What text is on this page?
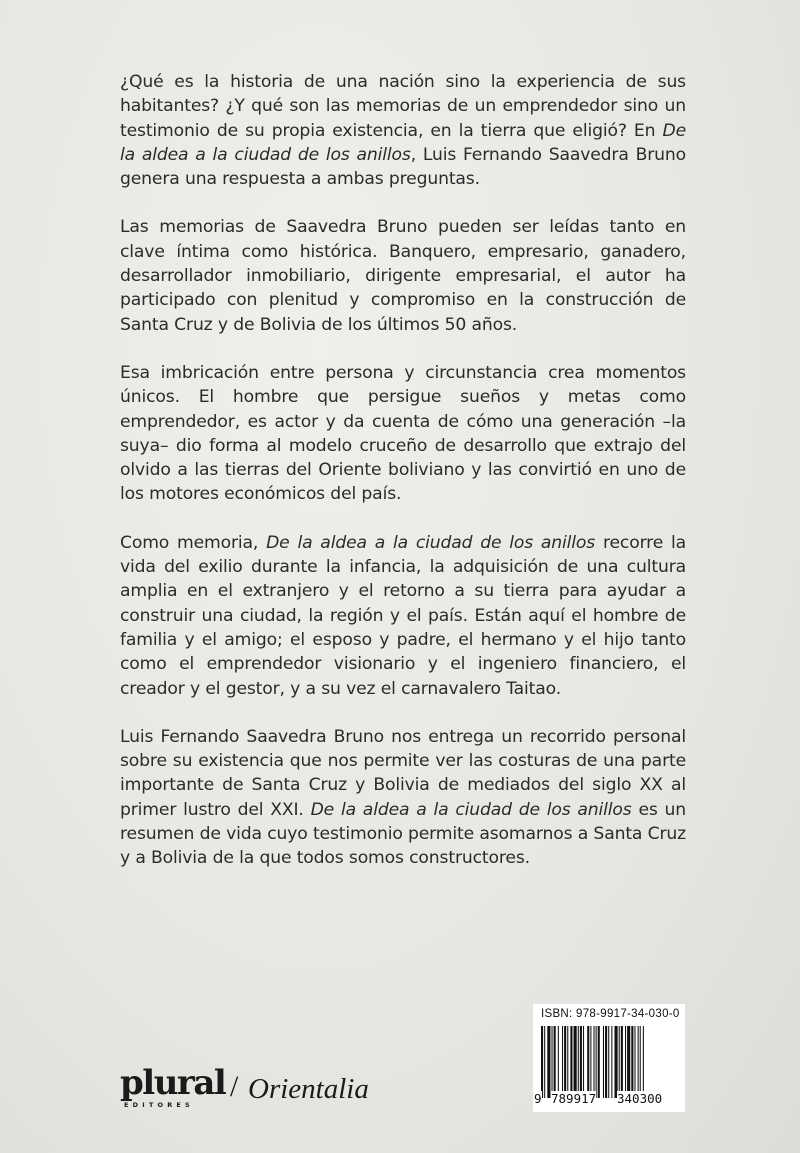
¿Qué es la historia de una nación sino la experiencia de sus habitantes? ¿Y qué son las memorias de un emprendedor sino un testimonio de su propia existencia, en la tierra que eligió? En De la aldea a la ciudad de los anillos, Luis Fernando Saavedra Bruno genera una respuesta a ambas preguntas.

Las memorias de Saavedra Bruno pueden ser leídas tanto en clave íntima como histórica. Banquero, empresario, ganadero, desarrollador inmobiliario, dirigente empresarial, el autor ha participado con plenitud y compromiso en la construcción de Santa Cruz y de Bolivia de los últimos 50 años.

Esa imbricación entre persona y circunstancia crea momentos únicos. El hombre que persigue sueños y metas como emprendedor, es actor y da cuenta de cómo una generación –la suya– dio forma al modelo cruceño de desarrollo que extrajo del olvido a las tierras del Oriente boliviano y las convirtió en uno de los motores económicos del país.

Como memoria, De la aldea a la ciudad de los anillos recorre la vida del exilio durante la infancia, la adquisición de una cultura amplia en el extranjero y el retorno a su tierra para ayudar a construir una ciudad, la región y el país. Están aquí el hombre de familia y el amigo; el esposo y padre, el hermano y el hijo tanto como el emprendedor visionario y el ingeniero financiero, el creador y el gestor, y a su vez el carnavalero Taitao.

Luis Fernando Saavedra Bruno nos entrega un recorrido personal sobre su existencia que nos permite ver las costuras de una parte importante de Santa Cruz y Bolivia de mediados del siglo XX al primer lustro del XXI. De la aldea a la ciudad de los anillos es un resumen de vida cuyo testimonio permite asomarnos a Santa Cruz y a Bolivia de la que todos somos constructores.

ISBN: 978-9917-34-030-0
9 789917 340300
plural
EDITORES
/ Orientalia
